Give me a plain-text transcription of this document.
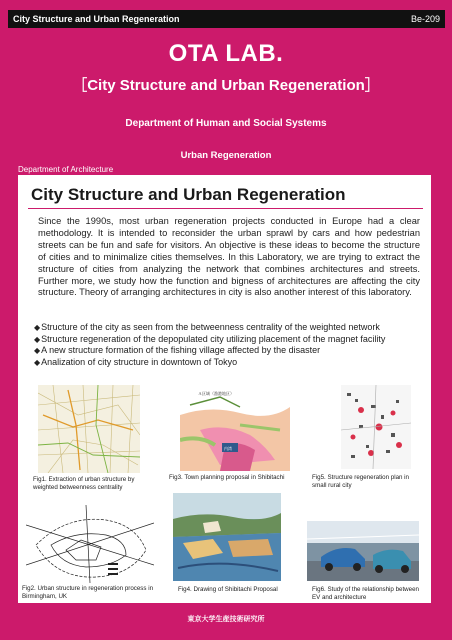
City Structure and Urban Regeneration	Be-209
OTA LAB.
［City Structure and Urban Regeneration］
Department of Human and Social Systems
Urban Regeneration
Department of Architecture
City Structure and Urban Regeneration

Since the 1990s, most urban regeneration projects conducted in Europe had a clear methodology. It is intended to reconsider the urban sprawl by cars and how pedestrian streets can be fun and safe for visitors. An objective is these ideas to become the structure of cities and to minimalize cities themselves. In this Laboratory, we are trying to extract the structure of cities from analyzing the network that combines architectures and streets. Further more, we study how the function and bigness of architectures are affecting the city structure. Theory of arranging architectures in city is also another interest of this laboratory.

◆ Structure of the city as seen from the betweenness centrality of the weighted network
◆ Structure regeneration of the depopulated city utilizing placement of the magnet facility
◆ A new structure formation of the fishing village affected by the disaster
◆ Analization of city structure in downtown of Tokyo
Fig1. Extraction of urban structure by weighted betweenness centrality
Ａ区域（漁港地区）
内湾
Fig3. Town planning proposal in Shibitachi	Fig5. Structure regeneration plan in small rural city
Fig2. Urban structure in regeneration process in Birmingham, UK
Fig4. Drawing of Shibitachi Proposal	Fig6. Study of the relationship between EV and architecture
東京大学生産技術研究所
